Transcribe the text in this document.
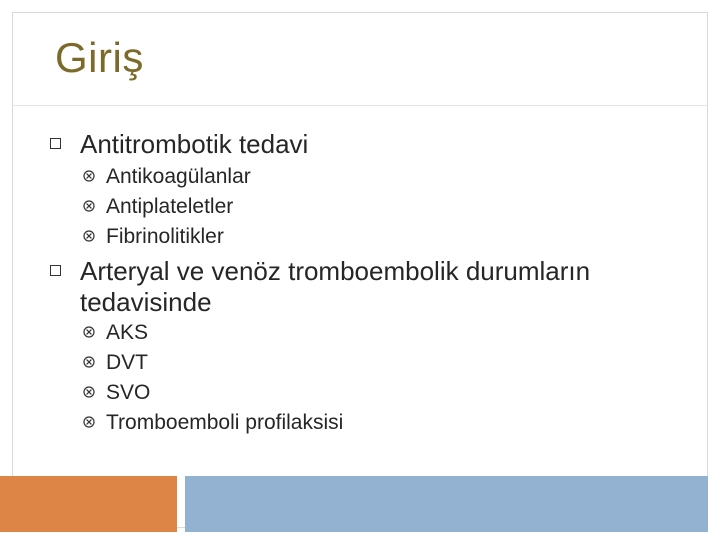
Giriş
Antitrombotik tedavi
Antikoagülanlar
Antiplateletler
Fibrinolitikler
Arteryal ve venöz tromboembolik durumların tedavisinde
AKS
DVT
SVO
Tromboemboli profilaksisi
